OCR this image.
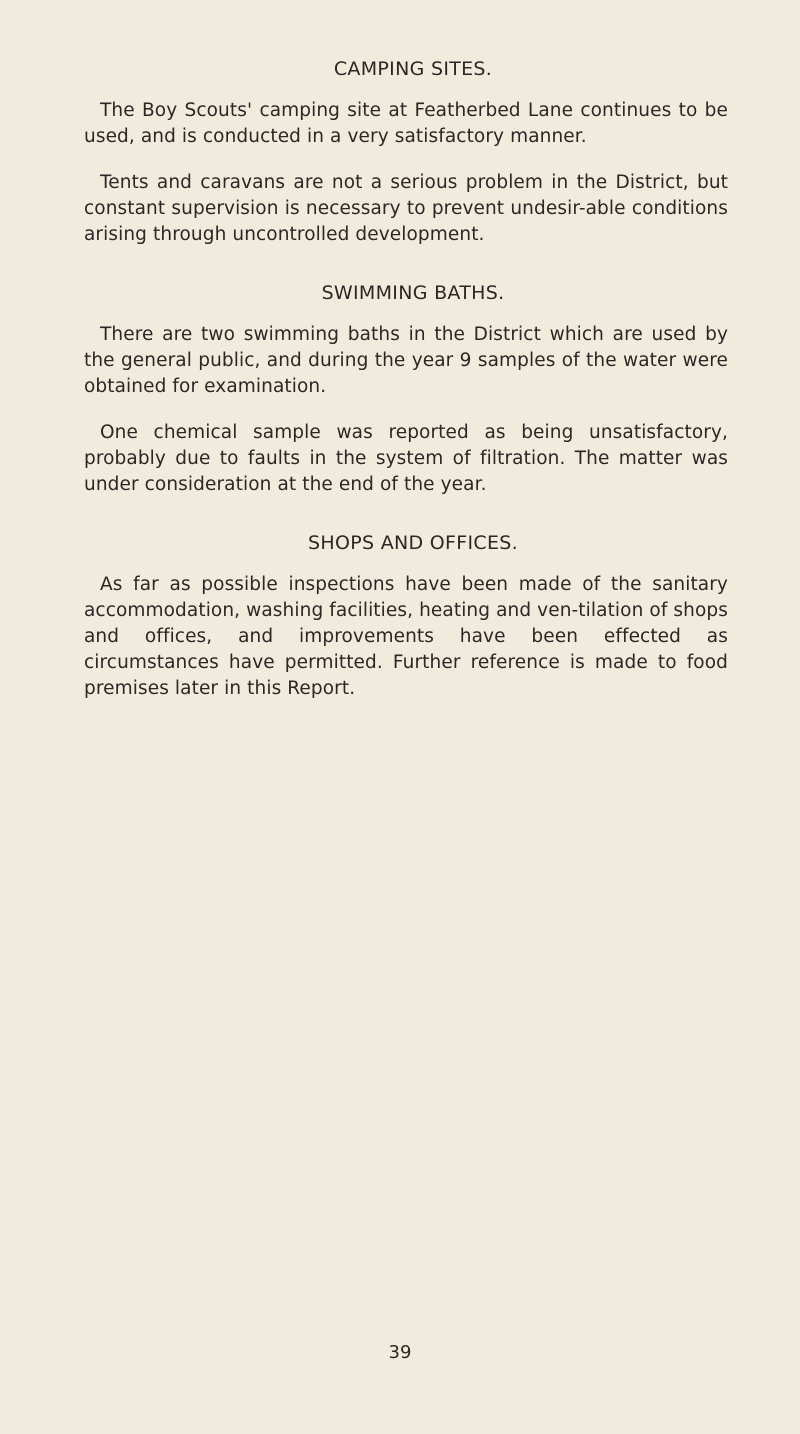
CAMPING SITES.

The Boy Scouts' camping site at Featherbed Lane continues to be used, and is conducted in a very satisfactory manner.

Tents and caravans are not a serious problem in the District, but constant supervision is necessary to prevent undesir-able conditions arising through uncontrolled development.

SWIMMING BATHS.

There are two swimming baths in the District which are used by the general public, and during the year 9 samples of the water were obtained for examination.

One chemical sample was reported as being unsatisfactory, probably due to faults in the system of filtration. The matter was under consideration at the end of the year.

SHOPS AND OFFICES.

As far as possible inspections have been made of the sanitary accommodation, washing facilities, heating and ven-tilation of shops and offices, and improvements have been effected as circumstances have permitted. Further reference is made to food premises later in this Report.

39
